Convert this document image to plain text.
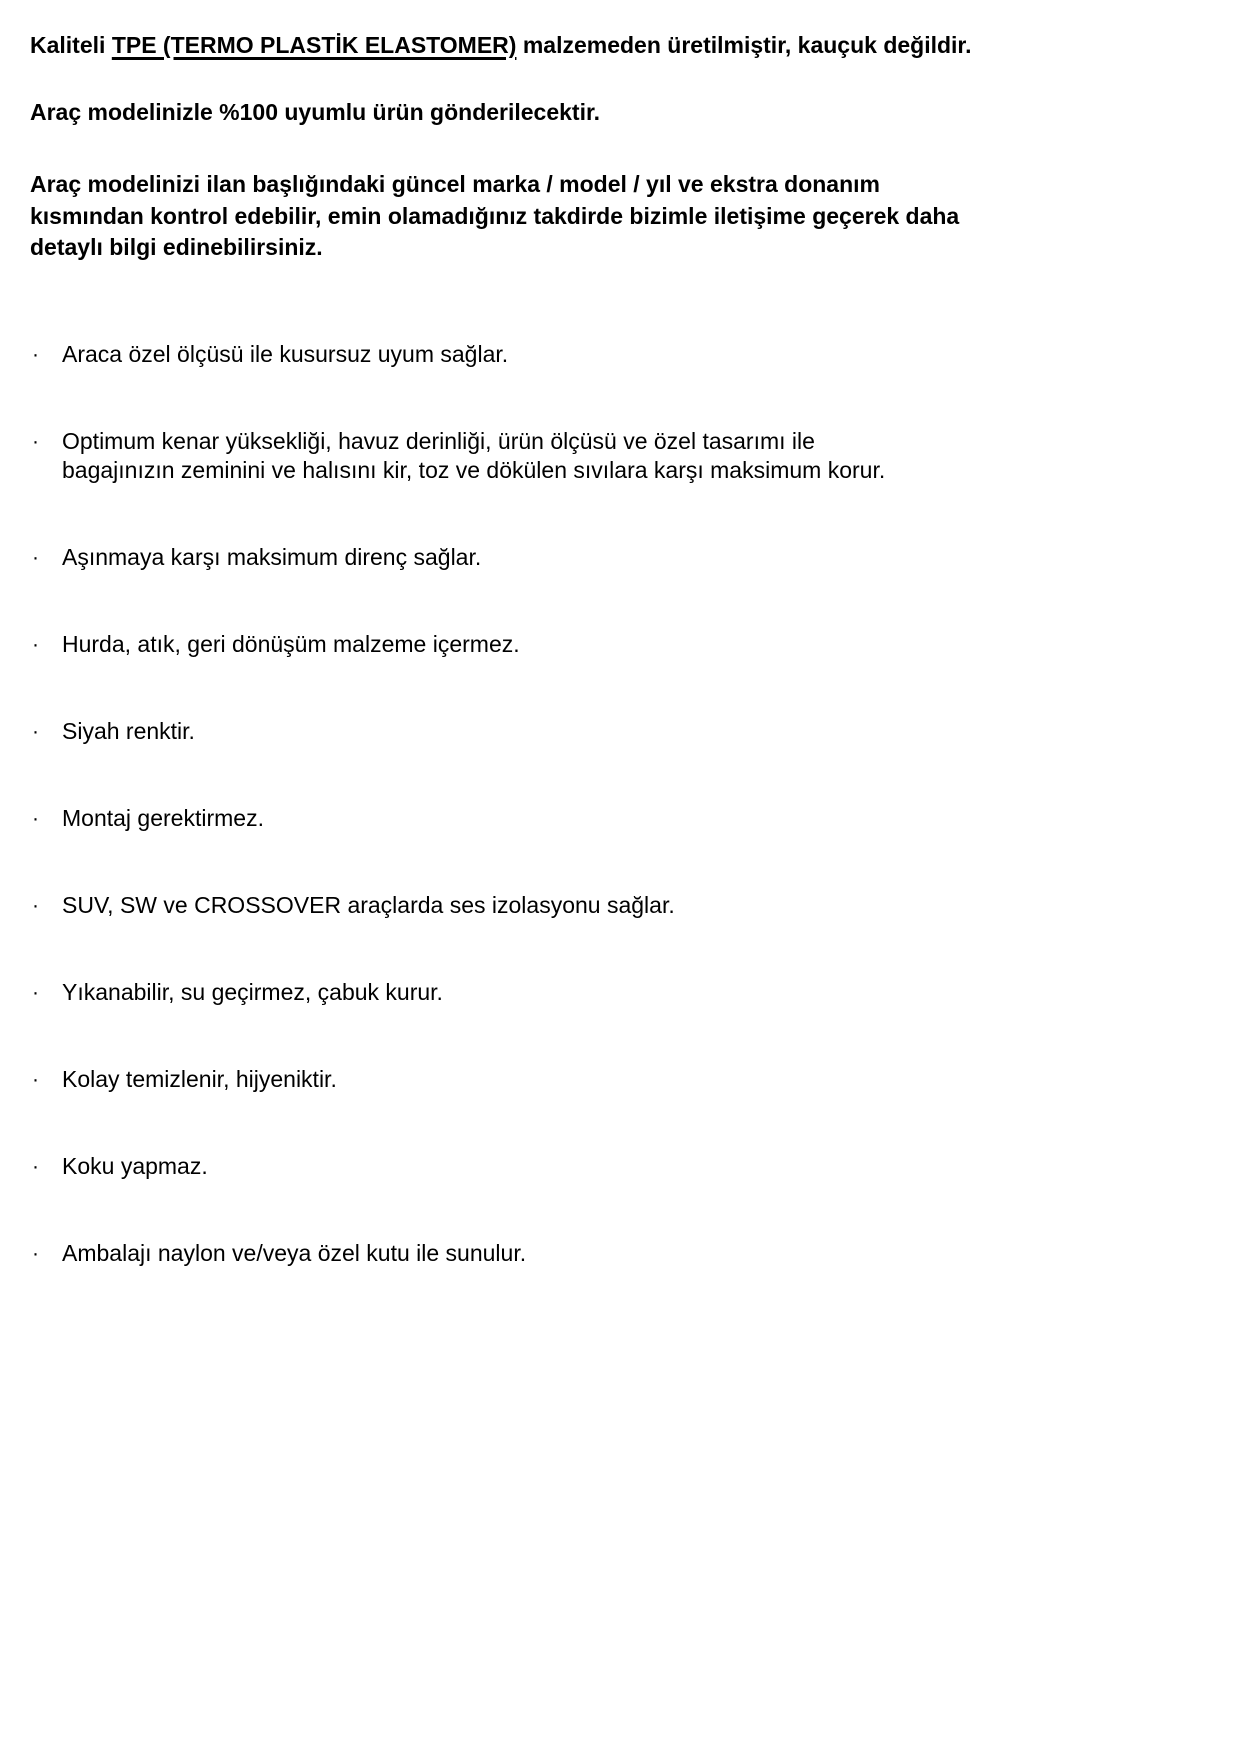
Kaliteli TPE (TERMO PLASTİK ELASTOMER) malzemeden üretilmiştir, kauçuk değildir.

Araç modelinizle %100 uyumlu ürün gönderilecektir.

Araç modelinizi ilan başlığındaki güncel marka / model / yıl ve ekstra donanım
kısmından kontrol edebilir, emin olamadığınız takdirde bizimle iletişime geçerek daha
detaylı bilgi edinebilirsiniz.

·	Araca özel ölçüsü ile kusursuz uyum sağlar.
·	Optimum kenar yüksekliği, havuz derinliği, ürün ölçüsü ve özel tasarımı ile
bagajınızın zeminini ve halısını kir, toz ve dökülen sıvılara karşı maksimum korur.
·	Aşınmaya karşı maksimum direnç sağlar.
·	Hurda, atık, geri dönüşüm malzeme içermez.
·	Siyah renktir.
·	Montaj gerektirmez.
·	SUV, SW ve CROSSOVER araçlarda ses izolasyonu sağlar.
·	Yıkanabilir, su geçirmez, çabuk kurur.
·	Kolay temizlenir, hijyeniktir.
·	Koku yapmaz.
·	Ambalajı naylon ve/veya özel kutu ile sunulur.
